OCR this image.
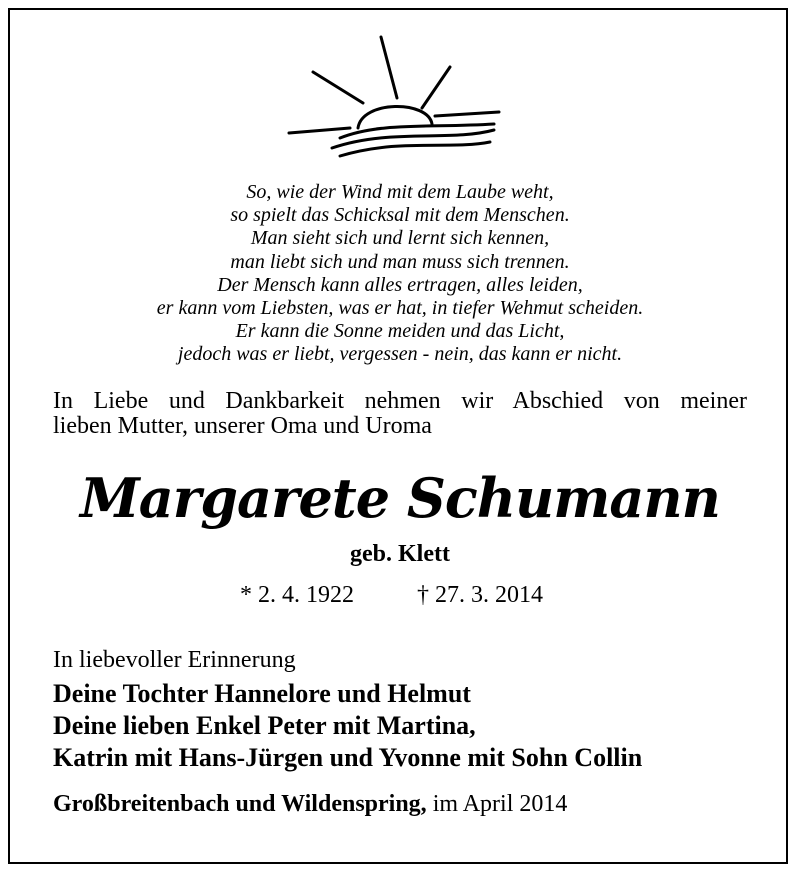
So, wie der Wind mit dem Laube weht,
so spielt das Schicksal mit dem Menschen.
Man sieht sich und lernt sich kennen,
man liebt sich und man muss sich trennen.
Der Mensch kann alles ertragen, alles leiden,
er kann vom Liebsten, was er hat, in tiefer Wehmut scheiden.
Er kann die Sonne meiden und das Licht,
jedoch was er liebt, vergessen - nein, das kann er nicht.
In Liebe und Dankbarkeit nehmen wir Abschied von meiner
lieben Mutter, unserer Oma und Uroma
Margarete Schumann
geb. Klett
* 2. 4. 1922	† 27. 3. 2014
In liebevoller Erinnerung
Deine Tochter Hannelore und Helmut
Deine lieben Enkel Peter mit Martina,
Katrin mit Hans-Jürgen und Yvonne mit Sohn Collin
Großbreitenbach und Wildenspring, im April 2014
